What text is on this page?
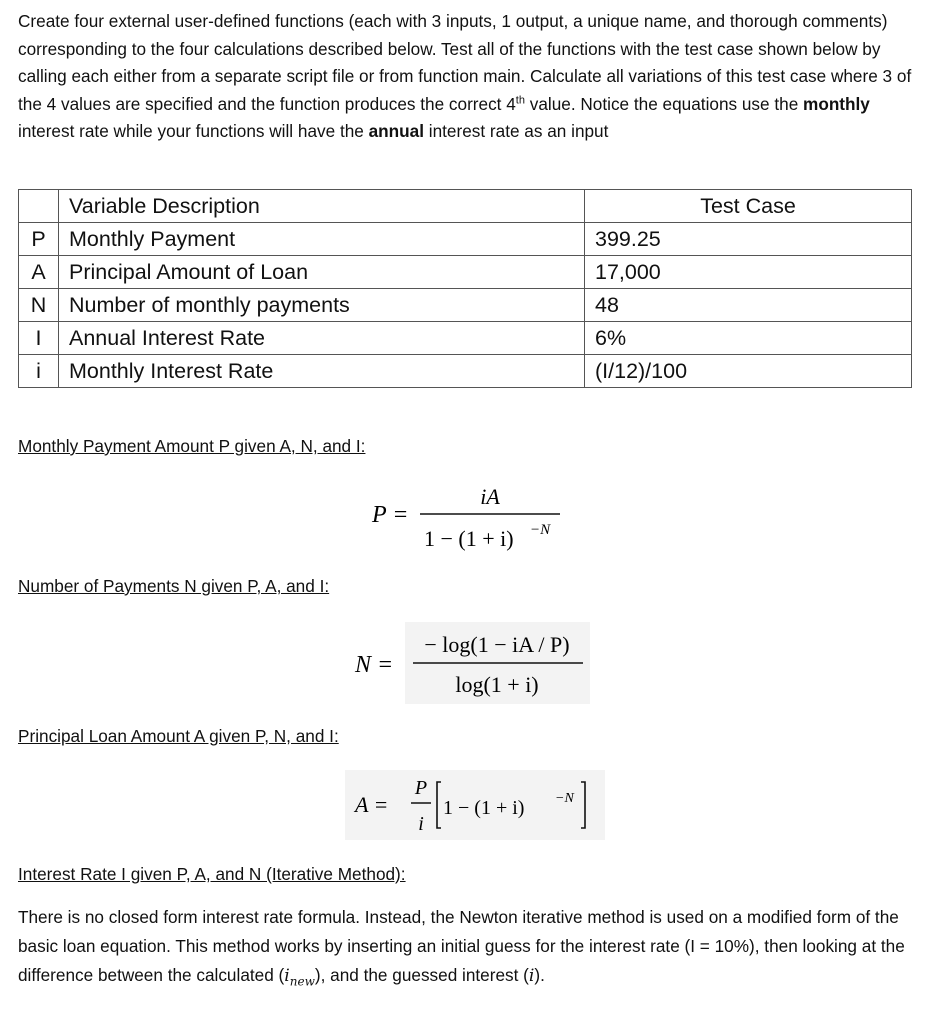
Create four external user-defined functions (each with 3 inputs, 1 output, a unique name, and thorough comments) corresponding to the four calculations described below. Test all of the functions with the test case shown below by calling each either from a separate script file or from function main. Calculate all variations of this test case where 3 of the 4 values are specified and the function produces the correct 4th value. Notice the equations use the monthly interest rate while your functions will have the annual interest rate as an input

	Variable Description	Test Case
P	Monthly Payment	399.25
A	Principal Amount of Loan	17,000
N	Number of monthly payments	48
I	Annual Interest Rate	6%
i	Monthly Interest Rate	(I/12)/100

Monthly Payment Amount P given A, N, and I:

P =
iA
1 − (1 + i) −N

Number of Payments N given P, A, and I:

N =
− log(1 − iA / P)
log(1 + i)

Principal Loan Amount A given P, N, and I:

A =
P
i
1 − (1 + i) −N

Interest Rate I given P, A, and N (Iterative Method):

There is no closed form interest rate formula. Instead, the Newton iterative method is used on a modified form of the basic loan equation. This method works by inserting an initial guess for the interest rate (I = 10%), then looking at the difference between the calculated $(i_{new})$, and the guessed interest (i).
